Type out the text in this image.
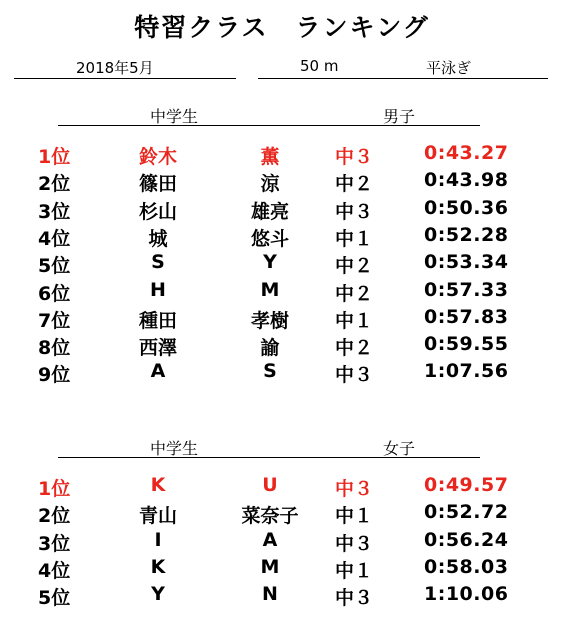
特習クラス　ランキング
2018年5月	50 m	平泳ぎ
中学生	男子
1位	鈴木	薫	中３	0:43.27
2位	篠田	涼	中２	0:43.98
3位	杉山	雄亮	中３	0:50.36
4位	城	悠斗	中１	0:52.28
5位	S	Y	中２	0:53.34
6位	H	M	中２	0:57.33
7位	種田	孝樹	中１	0:57.83
8位	西澤	諭	中２	0:59.55
9位	A	S	中３	1:07.56
中学生	女子
1位	K	U	中３	0:49.57
2位	青山	菜奈子	中１	0:52.72
3位	I	A	中３	0:56.24
4位	K	M	中１	0:58.03
5位	Y	N	中３	1:10.06
